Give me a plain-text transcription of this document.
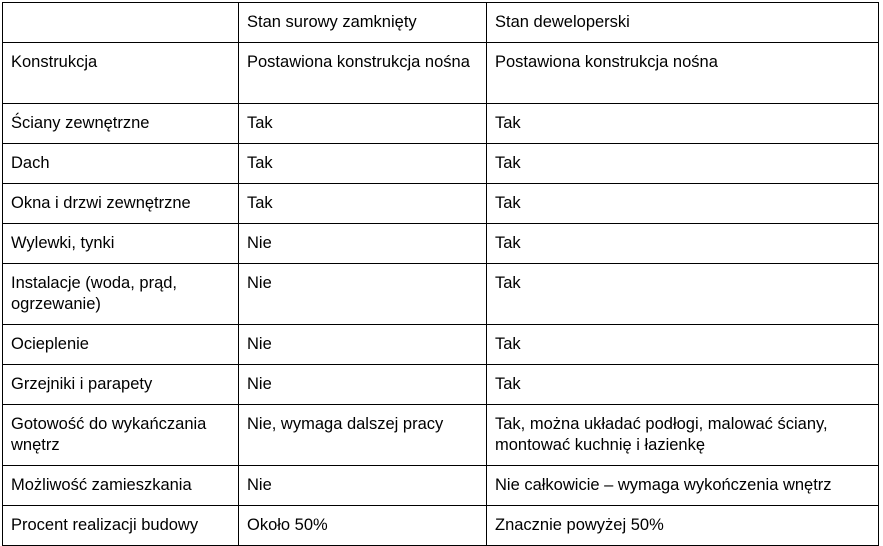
	Stan surowy zamknięty	Stan deweloperski
Konstrukcja	Postawiona konstrukcja nośna	Postawiona konstrukcja nośna
Ściany zewnętrzne	Tak	Tak
Dach	Tak	Tak
Okna i drzwi zewnętrzne	Tak	Tak
Wylewki, tynki	Nie	Tak
Instalacje (woda, prąd, ogrzewanie)	Nie	Tak
Ocieplenie	Nie	Tak
Grzejniki i parapety	Nie	Tak
Gotowość do wykańczania wnętrz	Nie, wymaga dalszej pracy	Tak, można układać podłogi, malować ściany, montować kuchnię i łazienkę
Możliwość zamieszkania	Nie	Nie całkowicie – wymaga wykończenia wnętrz
Procent realizacji budowy	Około 50%	Znacznie powyżej 50%
